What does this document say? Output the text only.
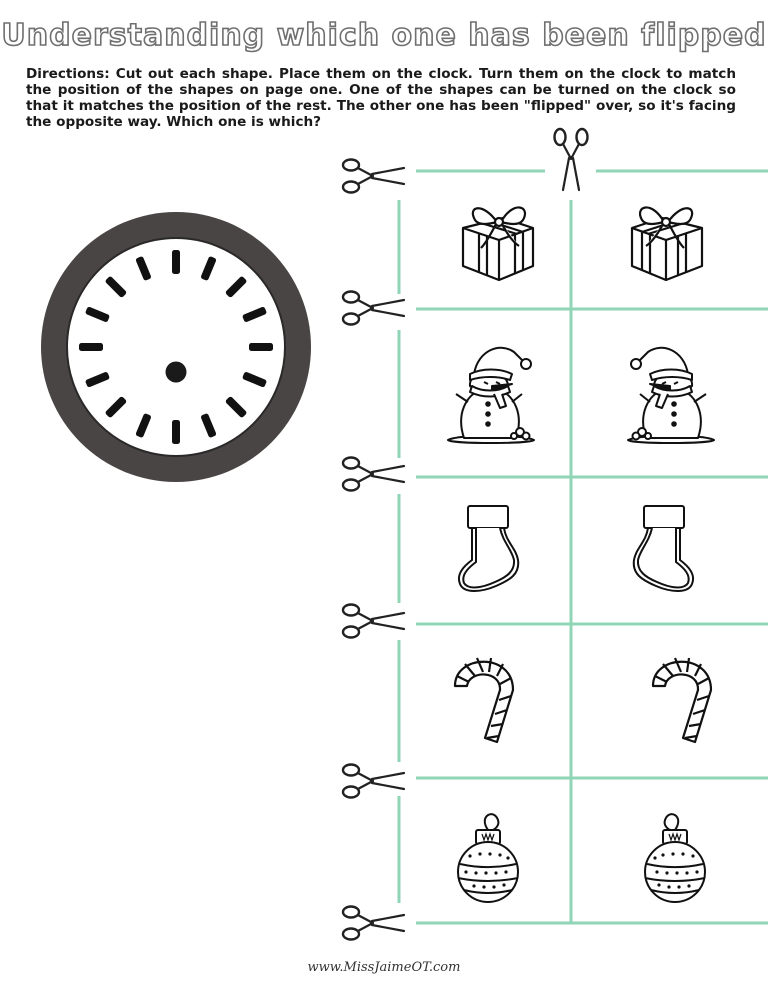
Understanding which one has been flipped

Directions: Cut out each shape. Place them on the clock. Turn them on the clock to match the position of the shapes on page one. One of the shapes can be turned on the clock so that it matches the position of the rest. The other one has been "flipped" over, so it's facing the opposite way. Which one is which?

www.MissJaimeOT.com
